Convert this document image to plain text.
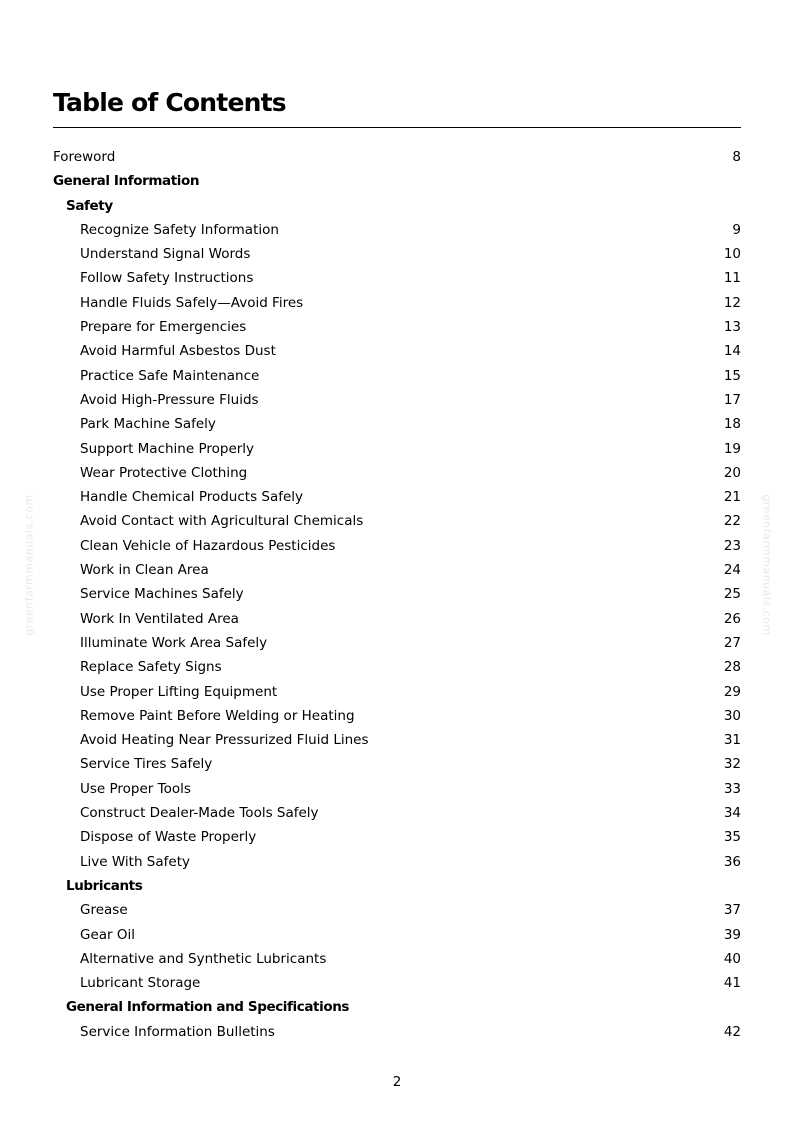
Table of Contents
Foreword	8
General Information
Safety
Recognize Safety Information	9
Understand Signal Words	10
Follow Safety Instructions	11
Handle Fluids Safely—Avoid Fires	12
Prepare for Emergencies	13
Avoid Harmful Asbestos Dust	14
Practice Safe Maintenance	15
Avoid High-Pressure Fluids	17
Park Machine Safely	18
Support Machine Properly	19
Wear Protective Clothing	20
Handle Chemical Products Safely	21
Avoid Contact with Agricultural Chemicals	22
Clean Vehicle of Hazardous Pesticides	23
Work in Clean Area	24
Service Machines Safely	25
Work In Ventilated Area	26
Illuminate Work Area Safely	27
Replace Safety Signs	28
Use Proper Lifting Equipment	29
Remove Paint Before Welding or Heating	30
Avoid Heating Near Pressurized Fluid Lines	31
Service Tires Safely	32
Use Proper Tools	33
Construct Dealer-Made Tools Safely	34
Dispose of Waste Properly	35
Live With Safety	36
Lubricants
Grease	37
Gear Oil	39
Alternative and Synthetic Lubricants	40
Lubricant Storage	41
General Information and Specifications
Service Information Bulletins	42
greenfarmmanuals.com	greenfarmmanuals.com
2
